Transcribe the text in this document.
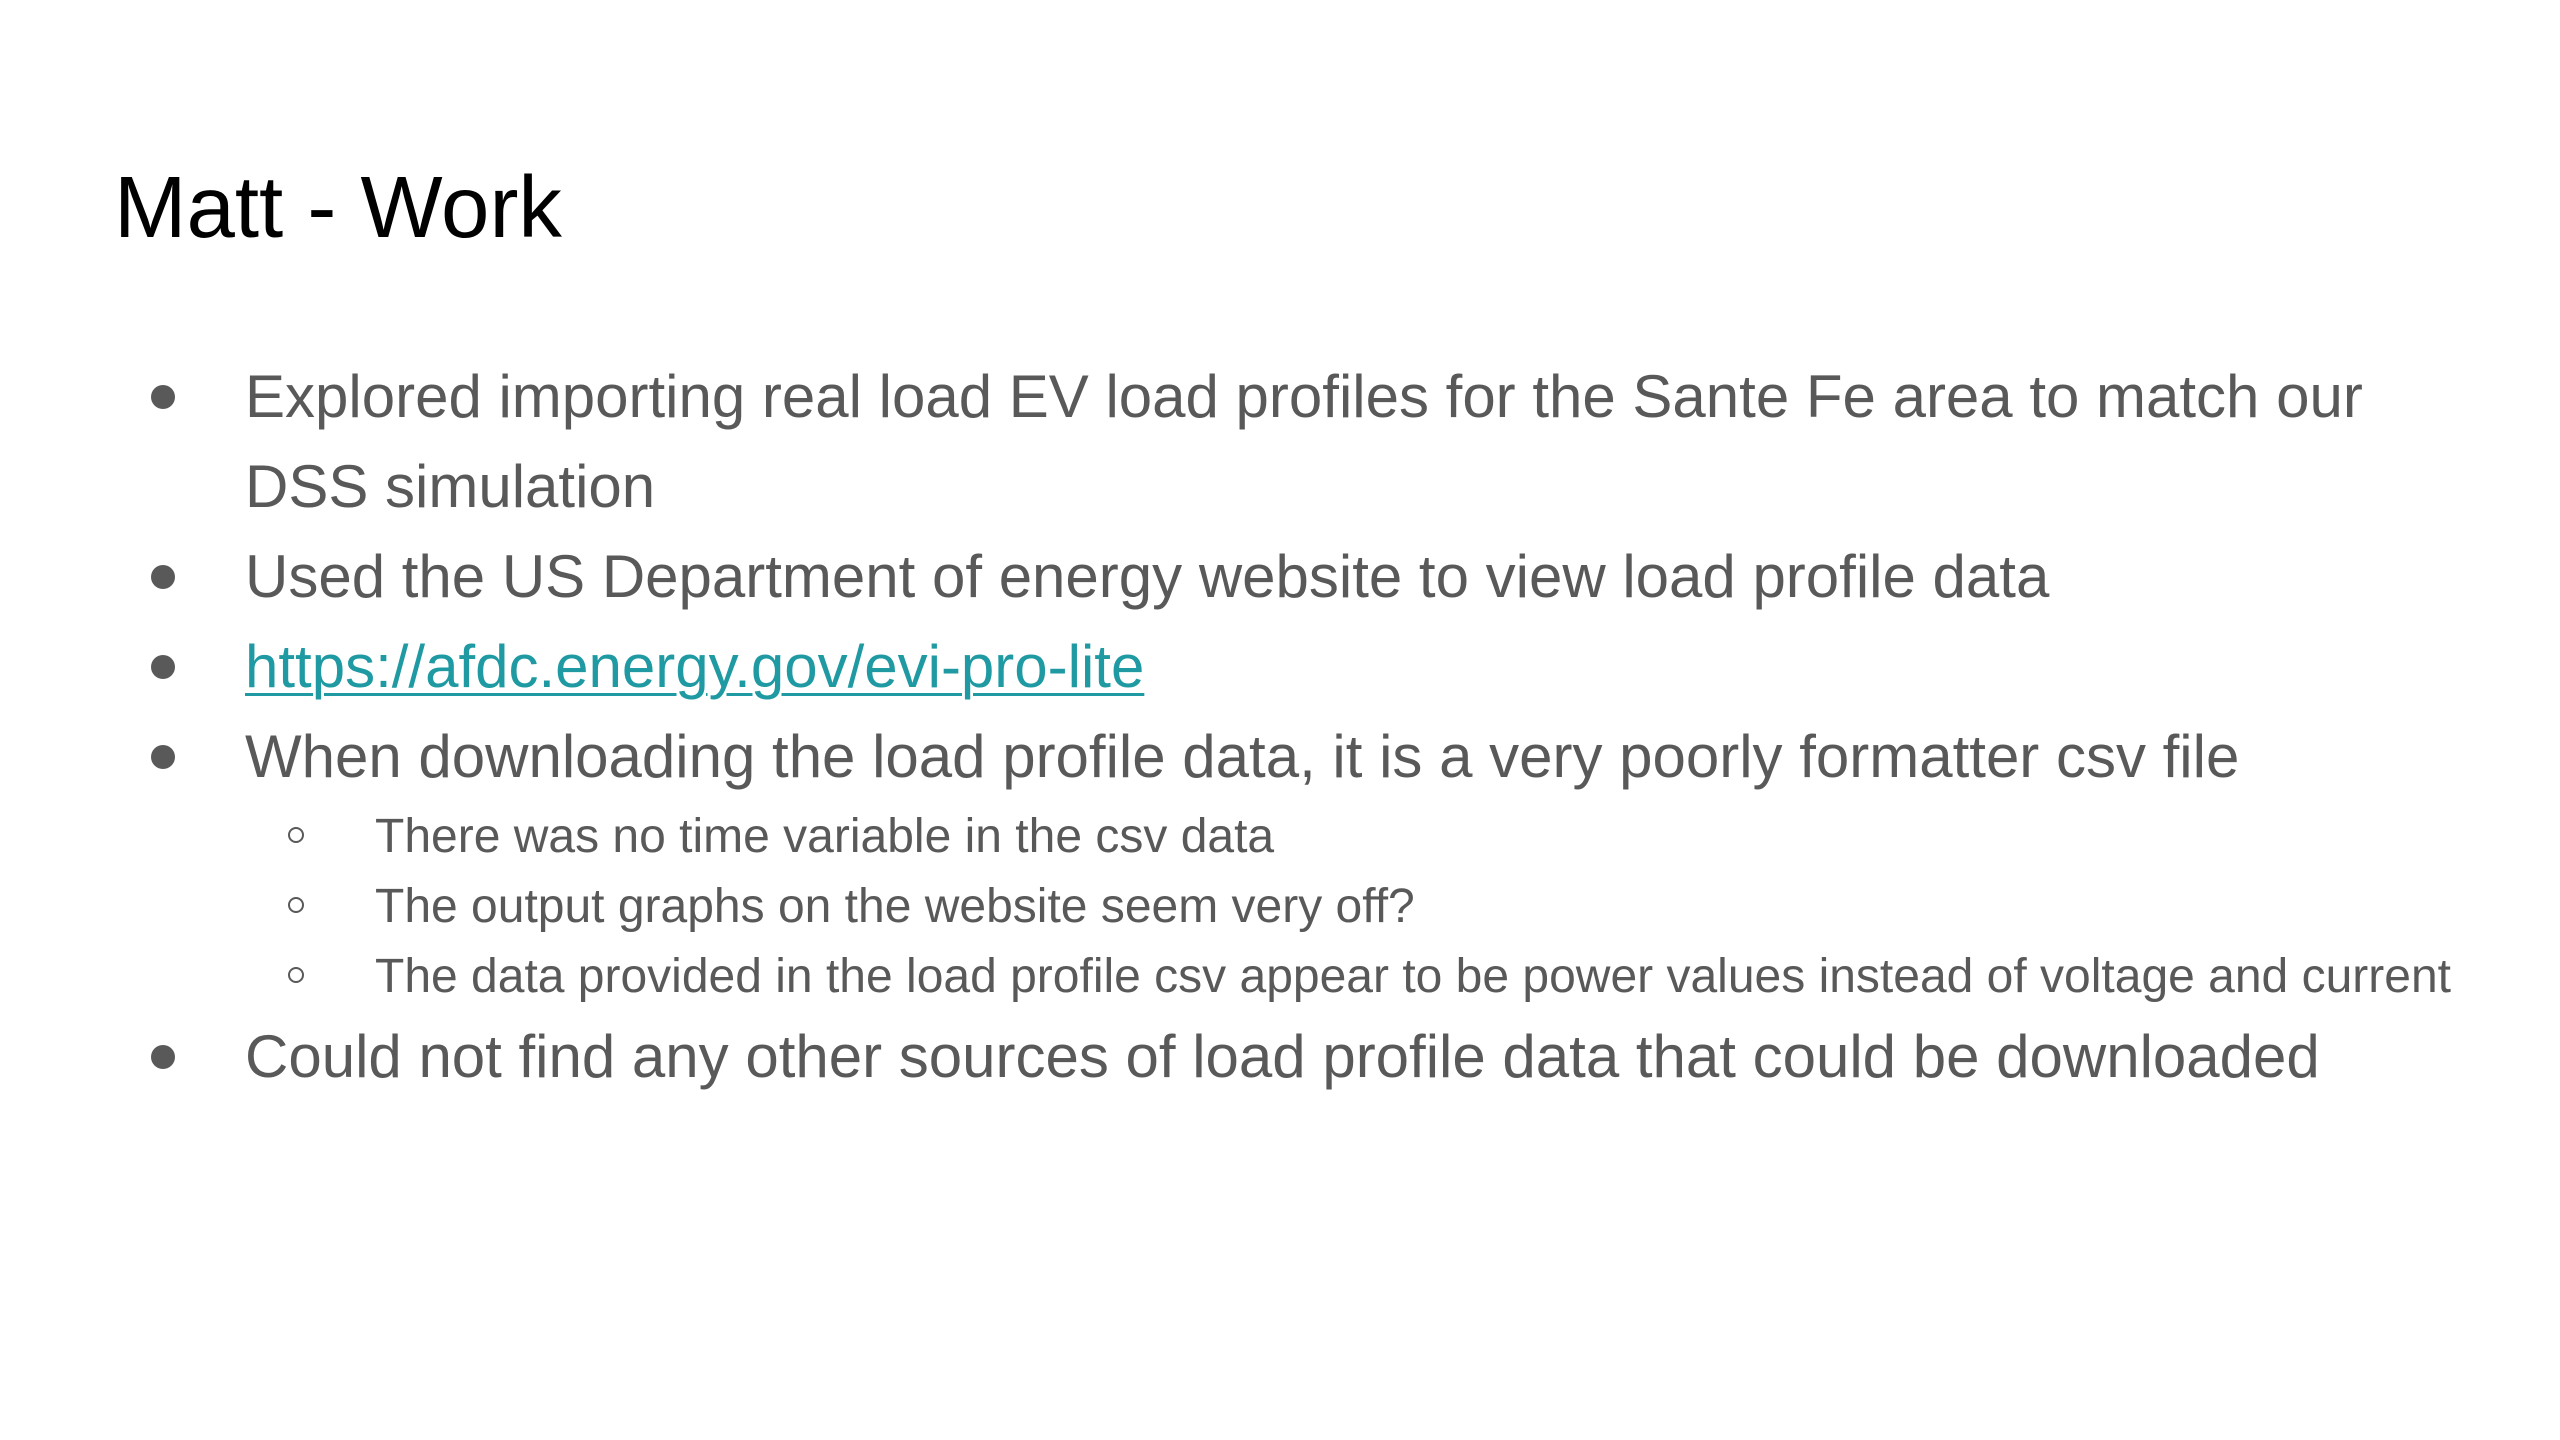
Matt - Work
Explored importing real load EV load profiles for the Sante Fe area to match our DSS simulation
Used the US Department of energy website to view load profile data
https://afdc.energy.gov/evi-pro-lite
When downloading the load profile data, it is a very poorly formatter csv file
There was no time variable in the csv data
The output graphs on the website seem very off?
The data provided in the load profile csv appear to be power values instead of voltage and current
Could not find any other sources of load profile data that could be downloaded
